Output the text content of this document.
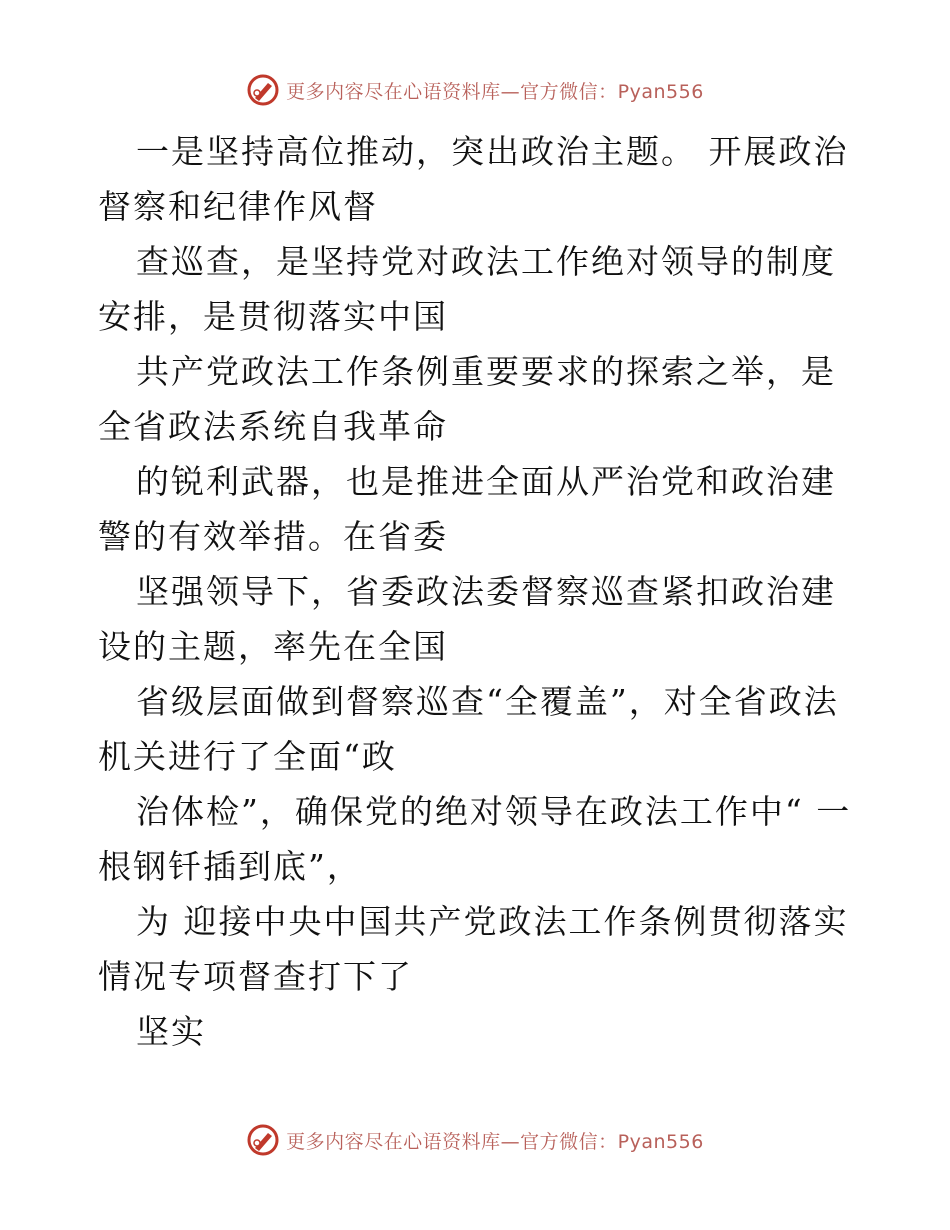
更多内容尽在心语资料库—官方微信：Pyan556

一是坚持高位推动，突出政治主题。 开展政治督察和纪律作风督

查巡查，是坚持党对政法工作绝对领导的制度安排，是贯彻落实中国

共产党政法工作条例重要要求的探索之举，是全省政法系统自我革命

的锐利武器，也是推进全面从严治党和政治建警的有效举措。在省委

坚强领导下，省委政法委督察巡查紧扣政治建设的主题，率先在全国

省级层面做到督察巡查“全覆盖”，对全省政法机关进行了全面“政

治体检”，确保党的绝对领导在政法工作中“ 一根钢钎插到底”，

为 迎接中央中国共产党政法工作条例贯彻落实情况专项督查打下了

坚实

更多内容尽在心语资料库—官方微信：Pyan556
